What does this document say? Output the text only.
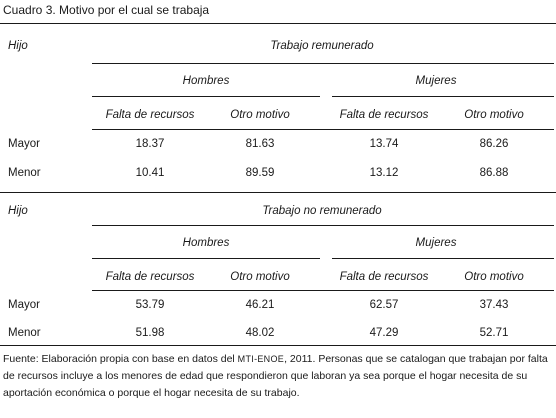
Cuadro 3. Motivo por el cual se trabaja
Hijo	Trabajo remunerado
Hombres	Mujeres
Falta de recursos	Otro motivo	Falta de recursos	Otro motivo
Mayor	18.37	81.63	13.74	86.26
Menor	10.41	89.59	13.12	86.88
Hijo	Trabajo no remunerado
Hombres	Mujeres
Falta de recursos	Otro motivo	Falta de recursos	Otro motivo
Mayor	53.79	46.21	62.57	37.43
Menor	51.98	48.02	47.29	52.71
Fuente: Elaboración propia con base en datos del MTI-ENOE, 2011. Personas que se catalogan que trabajan por falta de recursos incluye a los menores de edad que respondieron que laboran ya sea porque el hogar necesita de su aportación económica o porque el hogar necesita de su trabajo.
